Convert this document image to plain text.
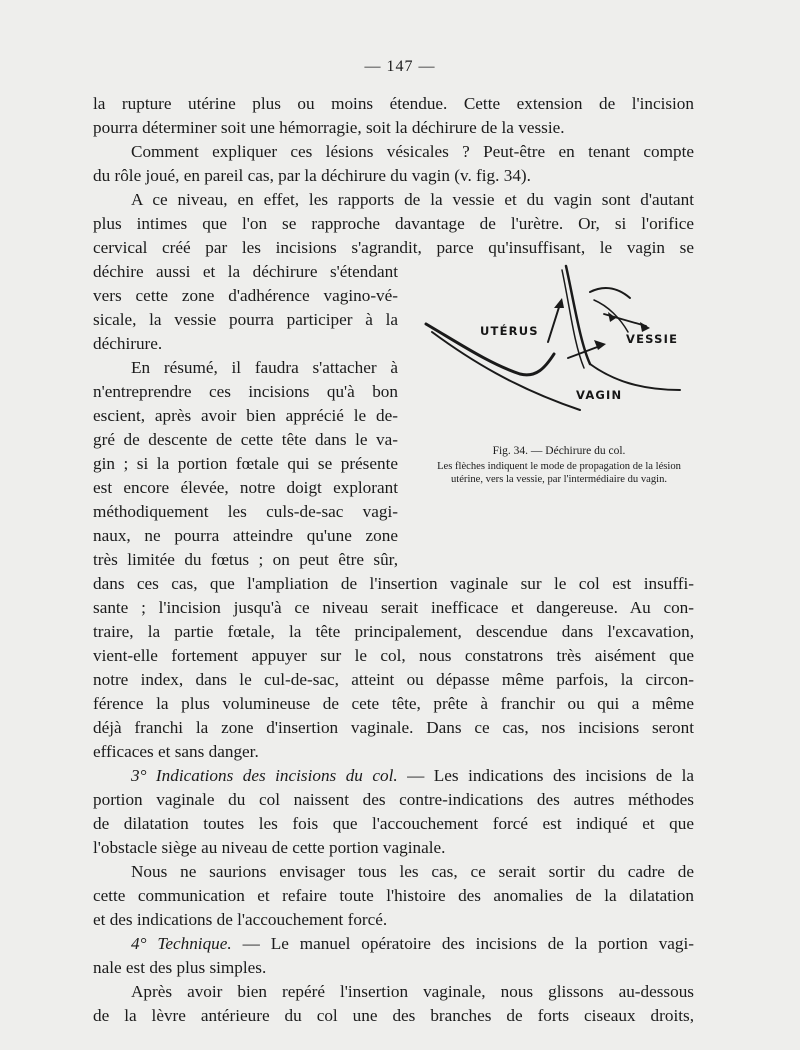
— 147 —
la rupture utérine plus ou moins étendue. Cette extension de l'incision
pourra déterminer soit une hémorragie, soit la déchirure de la vessie.
Comment expliquer ces lésions vésicales ? Peut-être en tenant compte
du rôle joué, en pareil cas, par la déchirure du vagin (v. fig. 34).
A ce niveau, en effet, les rapports de la vessie et du vagin sont d'autant
plus intimes que l'on se rapproche davantage de l'urètre. Or, si l'orifice
cervical créé par les incisions s'agrandit, parce qu'insuffisant, le vagin se
déchire aussi et la déchirure s'étendant
vers cette zone d'adhérence vagino-vé-
sicale, la vessie pourra participer à la
déchirure.
En résumé, il faudra s'attacher à
n'entreprendre ces incisions qu'à bon
escient, après avoir bien apprécié le de-
gré de descente de cette tête dans le va-
gin ; si la portion fœtale qui se présente
est encore élevée, notre doigt explorant
méthodiquement les culs-de-sac vagi-
naux, ne pourra atteindre qu'une zone
très limitée du fœtus ; on peut être sûr,
dans ces cas, que l'ampliation de l'insertion vaginale sur le col est insuffi-
sante ; l'incision jusqu'à ce niveau serait inefficace et dangereuse. Au con-
traire, la partie fœtale, la tête principalement, descendue dans l'excavation,
vient-elle fortement appuyer sur le col, nous constatrons très aisément que
notre index, dans le cul-de-sac, atteint ou dépasse même parfois, la circon-
férence la plus volumineuse de cete tête, prête à franchir ou qui a même
déjà franchi la zone d'insertion vaginale. Dans ce cas, nos incisions seront
efficaces et sans danger.
3° Indications des incisions du col. — Les indications des incisions de la
portion vaginale du col naissent des contre-indications des autres méthodes
de dilatation toutes les fois que l'accouchement forcé est indiqué et que
l'obstacle siège au niveau de cette portion vaginale.
Nous ne saurions envisager tous les cas, ce serait sortir du cadre de
cette communication et refaire toute l'histoire des anomalies de la dilatation
et des indications de l'accouchement forcé.
4° Technique. — Le manuel opératoire des incisions de la portion vagi-
nale est des plus simples.
Après avoir bien repéré l'insertion vaginale, nous glissons au-dessous
de la lèvre antérieure du col une des branches de forts ciseaux droits,
UTÉRUS
VESSIE
VAGIN
Fig. 34. — Déchirure du col.
Les flèches indiquent le mode de propagation de la lésion utérine, vers la vessie, par l'intermédiaire du vagin.
